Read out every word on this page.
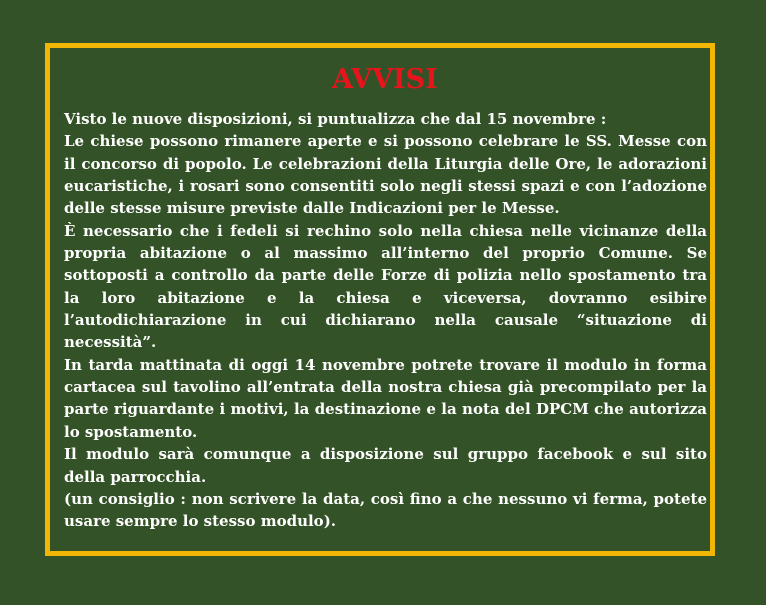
AVVISI

Visto le nuove disposizioni, si puntualizza che dal 15 novembre :

Le chiese possono rimanere aperte e si possono celebrare le SS. Messe con il concorso di popolo. Le celebrazioni della Liturgia delle Ore, le adorazioni eucaristiche, i rosari sono consentiti solo negli stessi spazi e con l’adozione delle stesse misure previste dalle Indicazioni per le Messe.

È necessario che i fedeli si rechino solo nella chiesa nelle vicinanze della propria abitazione o al massimo all’interno del proprio Comune. Se sottoposti a controllo da parte delle Forze di polizia nello spostamento tra la loro abitazione e la chiesa e viceversa, dovranno esibire l’autodichiarazione in cui dichiarano nella causale “situazione di necessità”.

In tarda mattinata di oggi 14 novembre potrete trovare il modulo in forma cartacea sul tavolino all’entrata della nostra chiesa già precompilato per la parte riguardante i motivi, la destinazione e la nota del DPCM che autorizza lo spostamento.

Il modulo sarà comunque a disposizione sul gruppo facebook e sul sito della parrocchia.

(un consiglio : non scrivere la data, così fino a che nessuno vi ferma, potete usare sempre lo stesso modulo).
